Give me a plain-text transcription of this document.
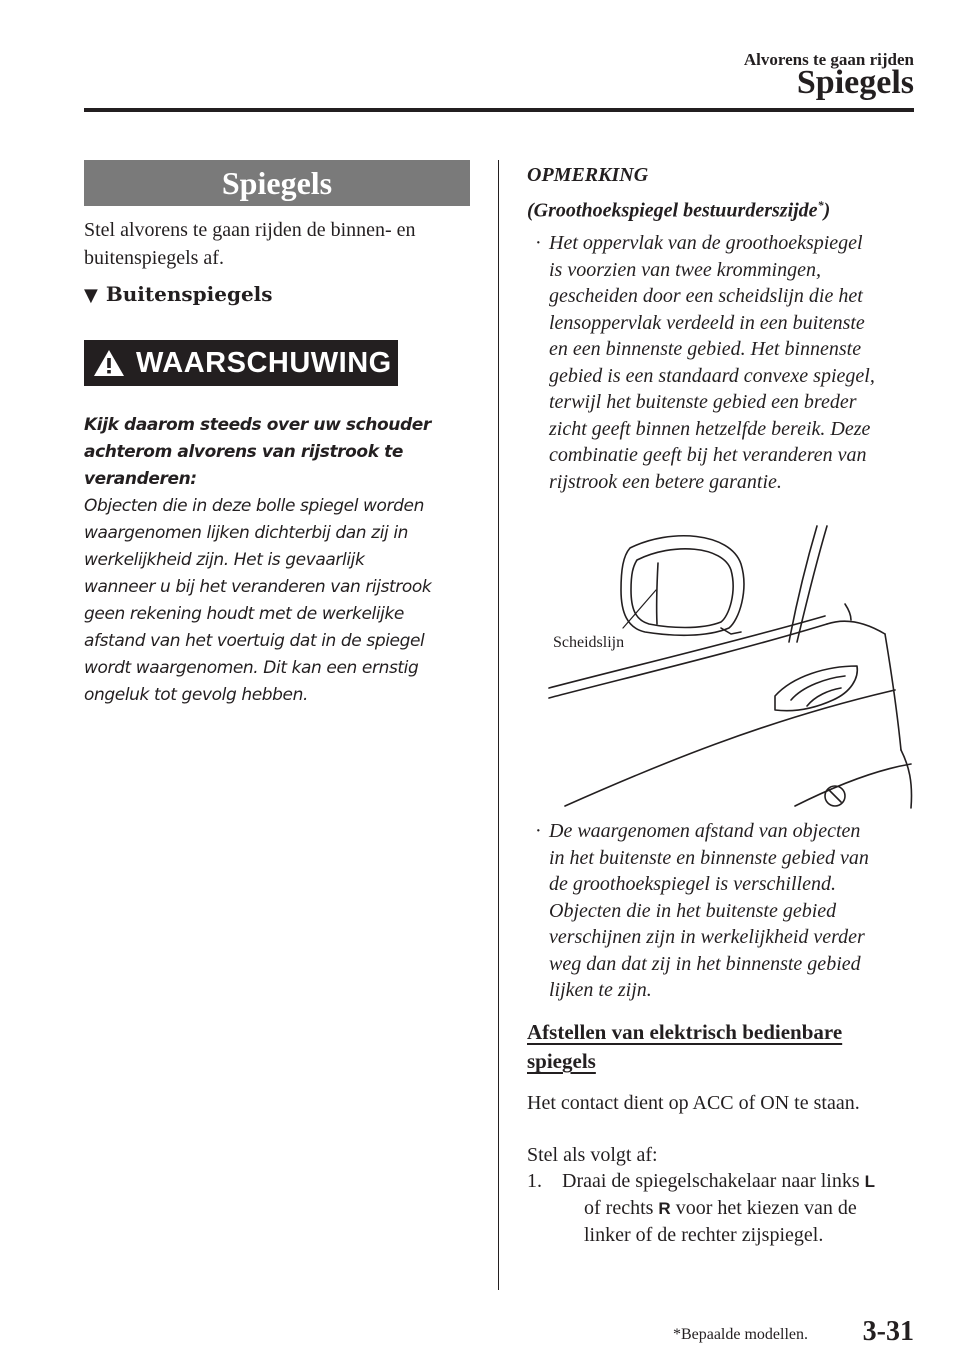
Alvorens te gaan rijden
Spiegels
Spiegels
Stel alvorens te gaan rijden de binnen- en buitenspiegels af.
▼ Buitenspiegels
WAARSCHUWING
Kijk daarom steeds over uw schouder
achterom alvorens van rijstrook te
veranderen:
Objecten die in deze bolle spiegel worden
waargenomen lijken dichterbij dan zij in
werkelijkheid zijn. Het is gevaarlijk
wanneer u bij het veranderen van rijstrook
geen rekening houdt met de werkelijke
afstand van het voertuig dat in de spiegel
wordt waargenomen. Dit kan een ernstig
ongeluk tot gevolg hebben.
OPMERKING
(Groothoekspiegel bestuurderszijde*)
· Het oppervlak van de groothoekspiegel
is voorzien van twee krommingen,
gescheiden door een scheidslijn die het
lensoppervlak verdeeld in een buitenste
en een binnenste gebied. Het binnenste
gebied is een standaard convexe spiegel,
terwijl het buitenste gebied een breder
zicht geeft binnen hetzelfde bereik. Deze
combinatie geeft bij het veranderen van
rijstrook een betere garantie.
Scheidslijn
· De waargenomen afstand van objecten
in het buitenste en binnenste gebied van
de groothoekspiegel is verschillend.
Objecten die in het buitenste gebied
verschijnen zijn in werkelijkheid verder
weg dan dat zij in het binnenste gebied
lijken te zijn.
Afstellen van elektrisch bedienbare
spiegels
Het contact dient op ACC of ON te staan.
Stel als volgt af:
1. Draai de spiegelschakelaar naar links L
of rechts R voor het kiezen van de
linker of de rechter zijspiegel.
*Bepaalde modellen. 3-31
